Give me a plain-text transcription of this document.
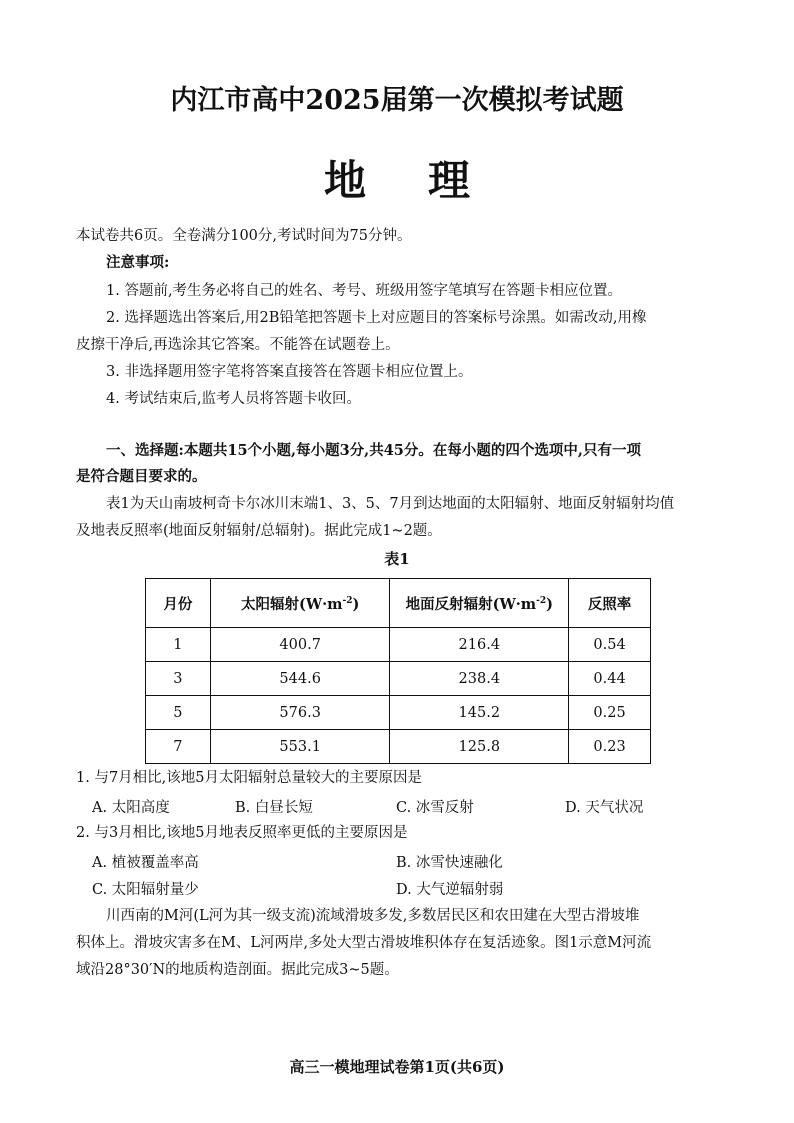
内江市高中2025届第一次模拟考试题
地 理
本试卷共6页。全卷满分100分,考试时间为75分钟。
注意事项:
1. 答题前,考生务必将自己的姓名、考号、班级用签字笔填写在答题卡相应位置。
2. 选择题选出答案后,用2B铅笔把答题卡上对应题目的答案标号涂黑。如需改动,用橡
皮擦干净后,再选涂其它答案。不能答在试题卷上。
3. 非选择题用签字笔将答案直接答在答题卡相应位置上。
4. 考试结束后,监考人员将答题卡收回。
一、选择题:本题共15个小题,每小题3分,共45分。在每小题的四个选项中,只有一项
是符合题目要求的。
表1为天山南坡柯奇卡尔冰川末端1、3、5、7月到达地面的太阳辐射、地面反射辐射均值
及地表反照率(地面反射辐射/总辐射)。据此完成1~2题。
表1
月份	太阳辐射$(W\cdot m^{-2})$	地面反射辐射$(W\cdot m^{-2})$	反照率
1	400.7	216.4	0.54
3	544.6	238.4	0.44
5	576.3	145.2	0.25
7	553.1	125.8	0.23
1. 与7月相比,该地5月太阳辐射总量较大的主要原因是
A. 太阳高度	B. 白昼长短	C. 冰雪反射	D. 天气状况
2. 与3月相比,该地5月地表反照率更低的主要原因是
A. 植被覆盖率高	B. 冰雪快速融化
C. 太阳辐射量少	D. 大气逆辐射弱
川西南的M河(L河为其一级支流)流域滑坡多发,多数居民区和农田建在大型古滑坡堆
积体上。滑坡灾害多在M、L河两岸,多处大型古滑坡堆积体存在复活迹象。图1示意M河流
域沿28°30′N的地质构造剖面。据此完成3~5题。
高三一模地理试卷第1页(共6页)
